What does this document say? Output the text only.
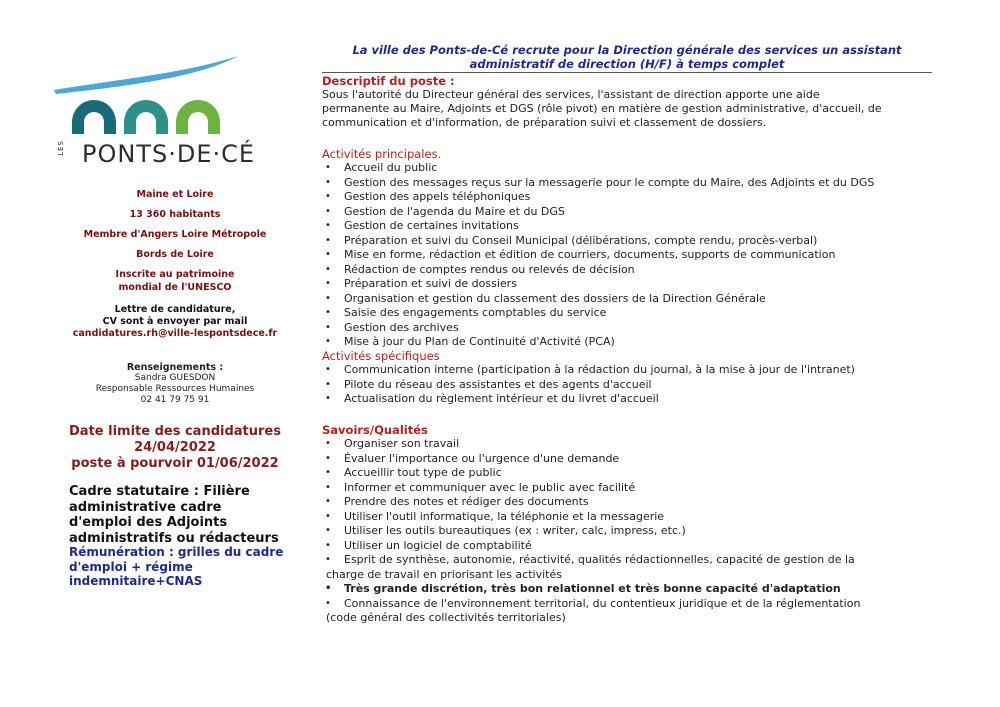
LES PONTS·DE·CÉ
Maine et Loire
13 360 habitants
Membre d'Angers Loire Métropole
Bords de Loire
Inscrite au patrimoine
mondial de l'UNESCO
Lettre de candidature,
CV sont à envoyer par mail
candidatures.rh@ville-lespontsdece.fr
Renseignements :
Sandra GUESDON
Responsable Ressources Humaines
02 41 79 75 91
Date limite des candidatures
24/04/2022
poste à pourvoir 01/06/2022
Cadre statutaire : Filière
administrative cadre
d'emploi des Adjoints
administratifs ou rédacteurs
Rémunération : grilles du cadre
d'emploi + régime
indemnitaire+CNAS
La ville des Ponts-de-Cé recrute pour la Direction générale des services un assistant
administratif de direction (H/F) à temps complet
Descriptif du poste :
Sous l'autorité du Directeur général des services, l'assistant de direction apporte une aide
permanente au Maire, Adjoints et DGS (rôle pivot) en matière de gestion administrative, d'accueil, de
communication et d'information, de préparation suivi et classement de dossiers.
Activités principales.
• Accueil du public
• Gestion des messages reçus sur la messagerie pour le compte du Maire, des Adjoints et du DGS
• Gestion des appels téléphoniques
• Gestion de l'agenda du Maire et du DGS
• Gestion de certaines invitations
• Préparation et suivi du Conseil Municipal (délibérations, compte rendu, procès-verbal)
• Mise en forme, rédaction et édition de courriers, documents, supports de communication
• Rédaction de comptes rendus ou relevés de décision
• Préparation et suivi de dossiers
• Organisation et gestion du classement des dossiers de la Direction Générale
• Saisie des engagements comptables du service
• Gestion des archives
• Mise à jour du Plan de Continuité d'Activité (PCA)
Activités spécifiques
• Communication interne (participation à la rédaction du journal, à la mise à jour de l'intranet)
• Pilote du réseau des assistantes et des agents d'accueil
• Actualisation du règlement intérieur et du livret d'accueil
Savoirs/Qualités
• Organiser son travail
• Évaluer l'importance ou l'urgence d'une demande
• Accueillir tout type de public
• Informer et communiquer avec le public avec facilité
• Prendre des notes et rédiger des documents
• Utiliser l'outil informatique, la téléphonie et la messagerie
• Utiliser les outils bureautiques (ex : writer, calc, impress, etc.)
• Utiliser un logiciel de comptabilité
• Esprit de synthèse, autonomie, réactivité, qualités rédactionnelles, capacité de gestion de la
charge de travail en priorisant les activités
• Très grande discrétion, très bon relationnel et très bonne capacité d'adaptation
• Connaissance de l'environnement territorial, du contentieux juridique et de la réglementation
(code général des collectivités territoriales)
